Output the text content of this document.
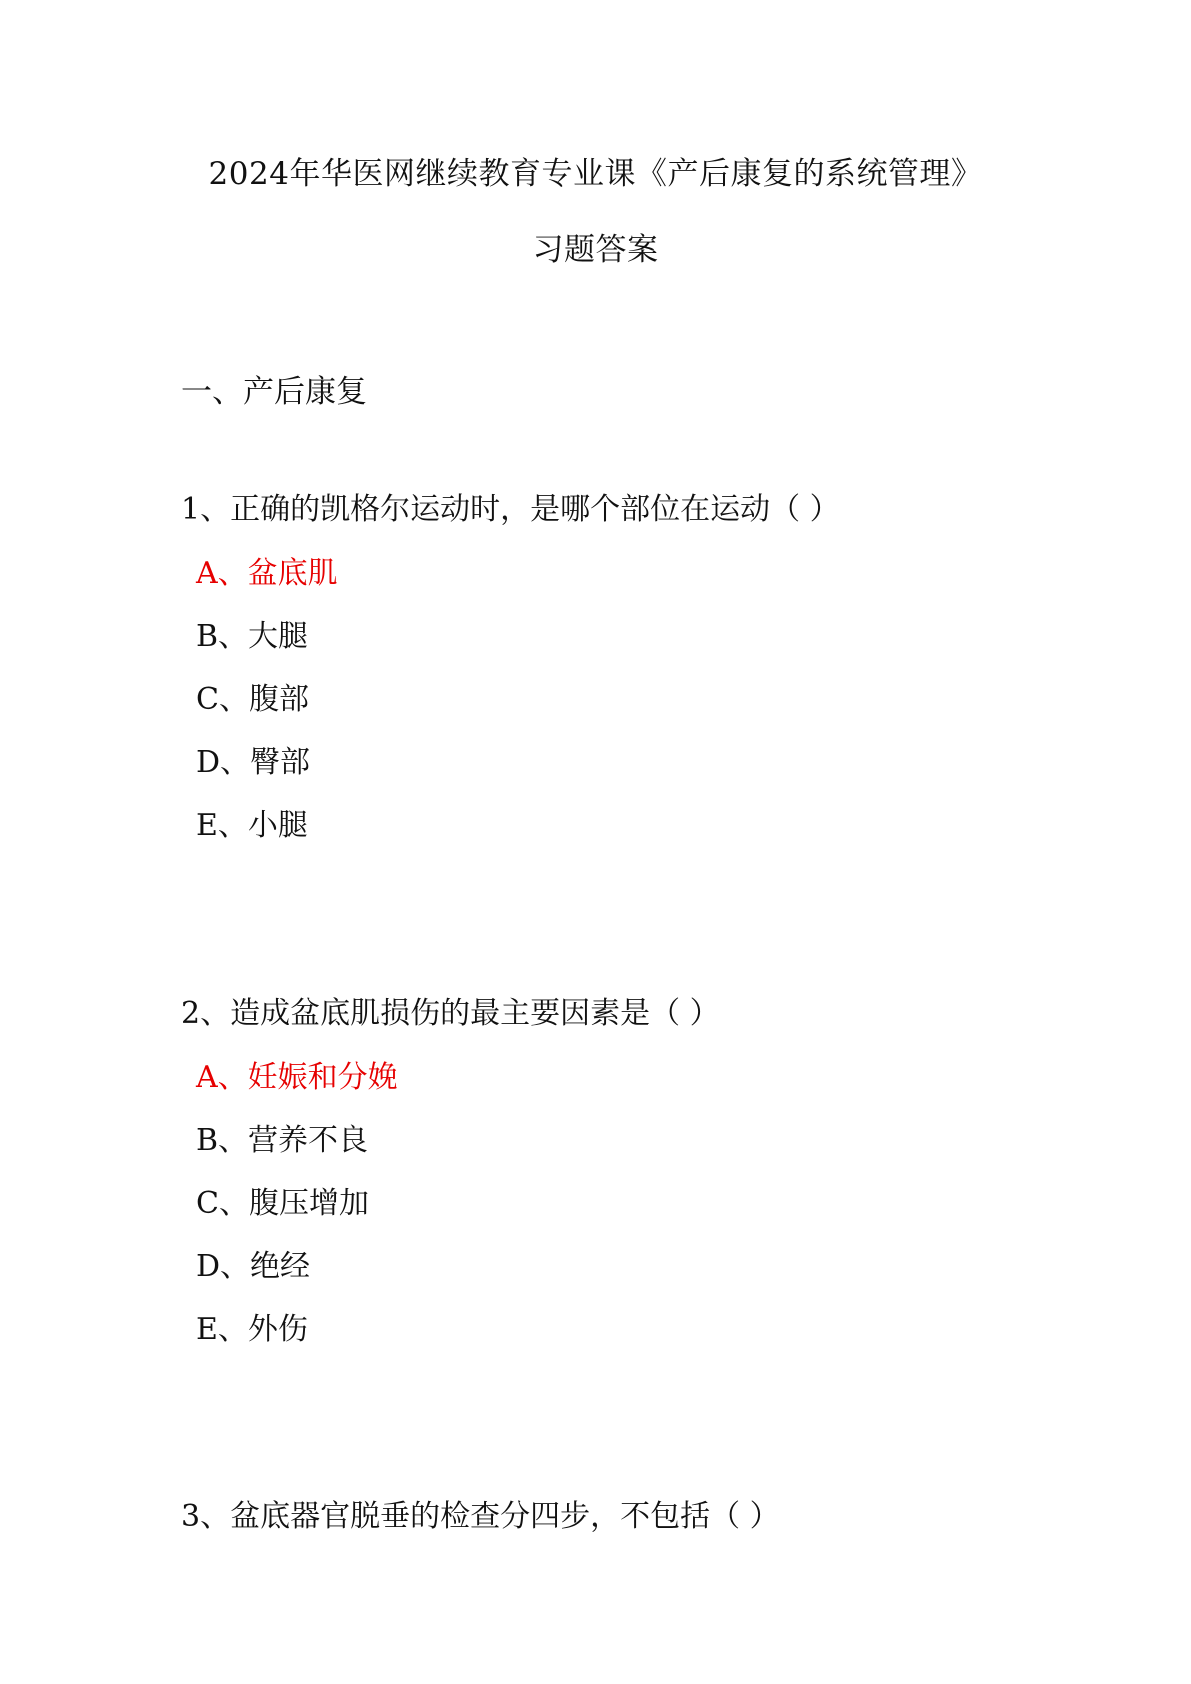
2024年华医网继续教育专业课《产后康复的系统管理》
习题答案
一、产后康复
1、正确的凯格尔运动时，是哪个部位在运动（ ）
A、盆底肌
B、大腿
C、腹部
D、臀部
E、小腿
2、造成盆底肌损伤的最主要因素是（ ）
A、妊娠和分娩
B、营养不良
C、腹压增加
D、绝经
E、外伤
3、盆底器官脱垂的检查分四步，不包括（ ）
